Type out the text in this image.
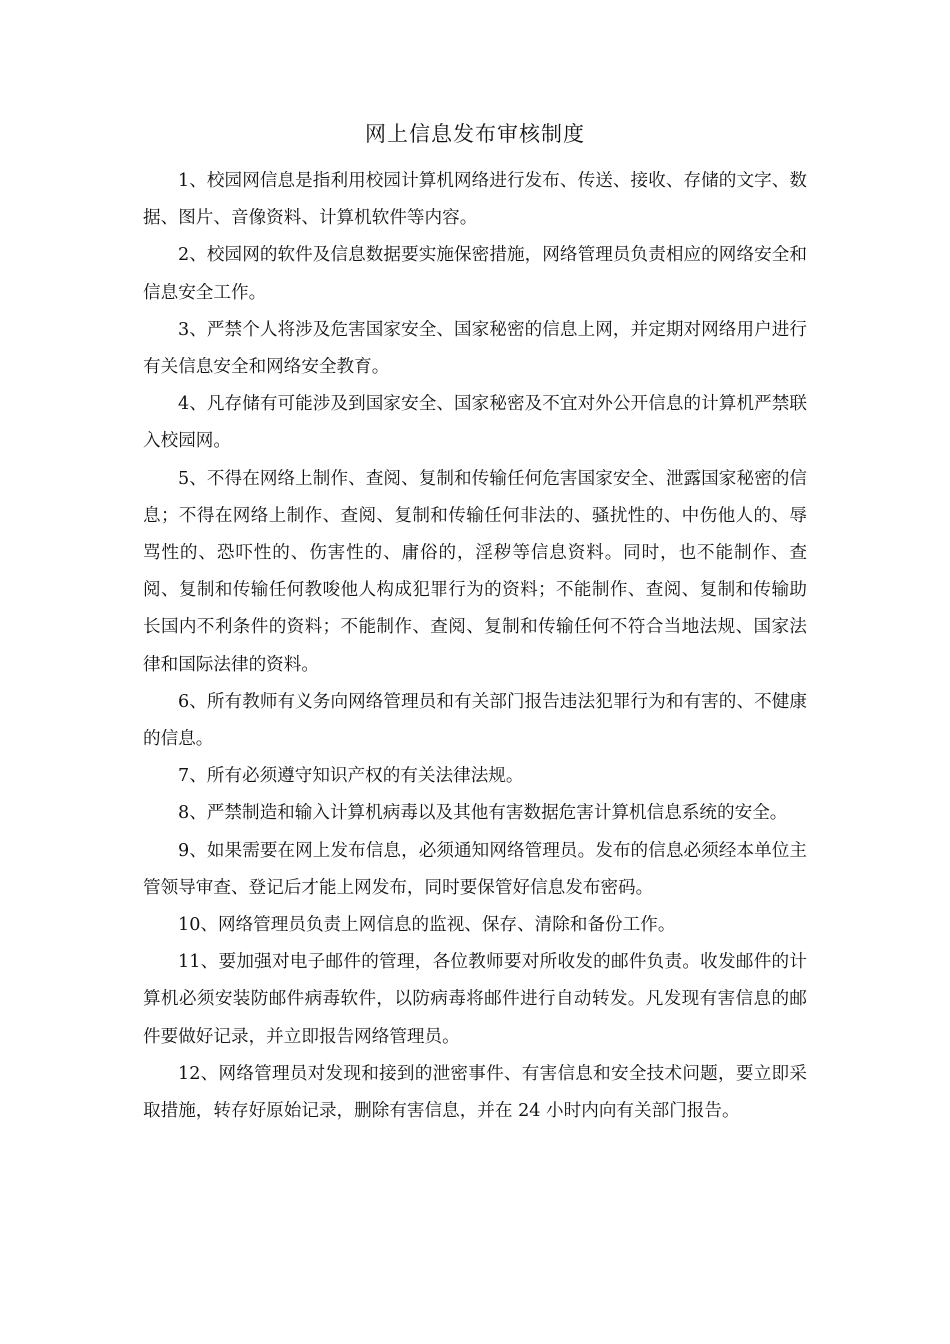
网上信息发布审核制度

1、校园网信息是指利用校园计算机网络进行发布、传送、接收、存储的文字、数据、图片、音像资料、计算机软件等内容。

2、校园网的软件及信息数据要实施保密措施，网络管理员负责相应的网络安全和信息安全工作。

3、严禁个人将涉及危害国家安全、国家秘密的信息上网，并定期对网络用户进行有关信息安全和网络安全教育。

4、凡存储有可能涉及到国家安全、国家秘密及不宜对外公开信息的计算机严禁联入校园网。

5、不得在网络上制作、查阅、复制和传输任何危害国家安全、泄露国家秘密的信息；不得在网络上制作、查阅、复制和传输任何非法的、骚扰性的、中伤他人的、辱骂性的、恐吓性的、伤害性的、庸俗的，淫秽等信息资料。同时，也不能制作、查阅、复制和传输任何教唆他人构成犯罪行为的资料；不能制作、查阅、复制和传输助长国内不利条件的资料；不能制作、查阅、复制和传输任何不符合当地法规、国家法律和国际法律的资料。

6、所有教师有义务向网络管理员和有关部门报告违法犯罪行为和有害的、不健康的信息。

7、所有必须遵守知识产权的有关法律法规。

8、严禁制造和输入计算机病毒以及其他有害数据危害计算机信息系统的安全。

9、如果需要在网上发布信息，必须通知网络管理员。发布的信息必须经本单位主管领导审查、登记后才能上网发布，同时要保管好信息发布密码。

10、网络管理员负责上网信息的监视、保存、清除和备份工作。

11、要加强对电子邮件的管理，各位教师要对所收发的邮件负责。收发邮件的计算机必须安装防邮件病毒软件，以防病毒将邮件进行自动转发。凡发现有害信息的邮件要做好记录，并立即报告网络管理员。

12、网络管理员对发现和接到的泄密事件、有害信息和安全技术问题，要立即采取措施，转存好原始记录，删除有害信息，并在 24 小时内向有关部门报告。
